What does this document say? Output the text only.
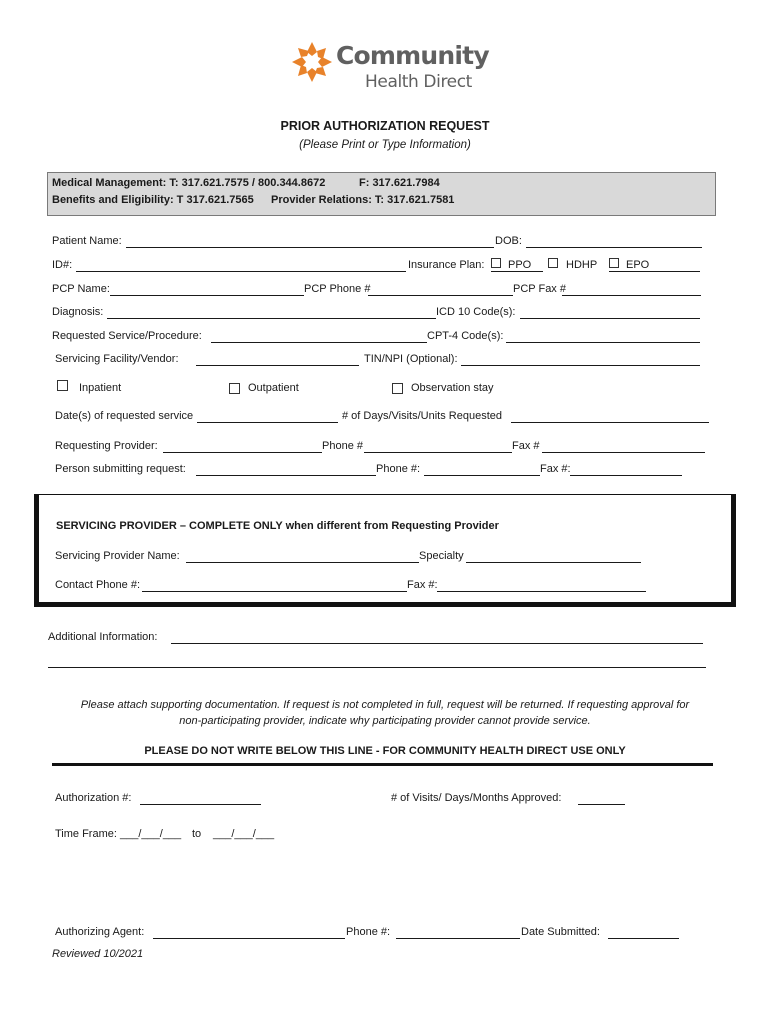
Community
Health Direct
PRIOR AUTHORIZATION REQUEST
(Please Print or Type Information)
Medical Management: T: 317.621.7575 / 800.344.8672	F: 317.621.7984
Benefits and Eligibility: T 317.621.7565 Provider Relations: T: 317.621.7581
Patient Name:	DOB:
ID#:	Insurance Plan: PPO	HDHP	EPO
PCP Name:	PCP Phone #	PCP Fax #
Diagnosis:	ICD 10 Code(s):
Requested Service/Procedure:	CPT-4 Code(s):
Servicing Facility/Vendor:	TIN/NPI (Optional):
Inpatient	Outpatient	Observation stay
Date(s) of requested service	# of Days/Visits/Units Requested
Requesting Provider:	Phone #	Fax #
Person submitting request:	Phone #:	Fax #:
SERVICING PROVIDER – COMPLETE ONLY when different from Requesting Provider
Servicing Provider Name:	Specialty
Contact Phone #:	Fax #:
Additional Information:
Please attach supporting documentation. If request is not completed in full, request will be returned. If requesting approval for
non-participating provider, indicate why participating provider cannot provide service.
PLEASE DO NOT WRITE BELOW THIS LINE - FOR COMMUNITY HEALTH DIRECT USE ONLY
Authorization #:	# of Visits/ Days/Months Approved:
Time Frame: ___/___/___ to ___/___/___
Authorizing Agent:	Phone #:	Date Submitted:
Reviewed 10/2021
